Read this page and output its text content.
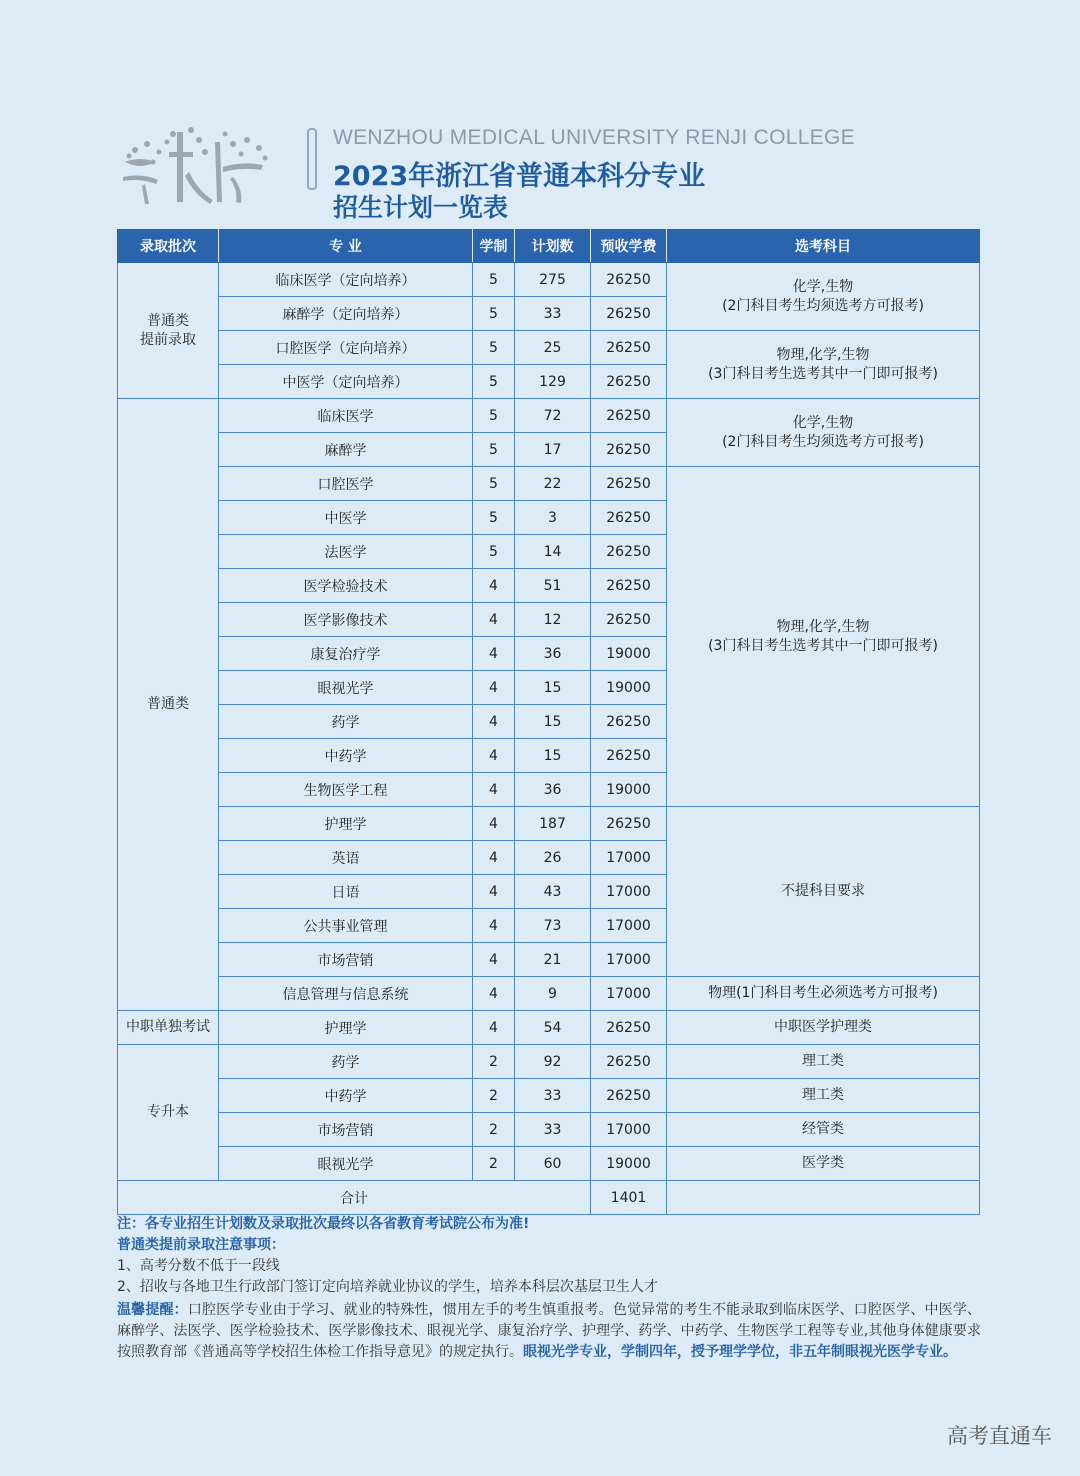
WENZHOU MEDICAL UNIVERSITY RENJI COLLEGE
2023年浙江省普通本科分专业
招生计划一览表
录取批次	专 业	学制	计划数	预收学费	选考科目	
普通类
提前录取	临床医学（定向培养）	5	275	26250	化学,生物
(2门科目考生均须选考方可报考)	
	麻醉学（定向培养）	5	33	26250		
	口腔医学（定向培养）	5	25	26250	物理,化学,生物
(3门科目考生选考其中一门即可报考)	
	中医学（定向培养）	5	129	26250		
普通类	临床医学	5	72	26250	化学,生物
(2门科目考生均须选考方可报考)	
	麻醉学	5	17	26250		
	口腔医学	5	22	26250	物理,化学,生物
(3门科目考生选考其中一门即可报考)	
	中医学	5	3	26250		
	法医学	5	14	26250		
	医学检验技术	4	51	26250		
	医学影像技术	4	12	26250		
	康复治疗学	4	36	19000		
	眼视光学	4	15	19000		
	药学	4	15	26250		
	中药学	4	15	26250		
	生物医学工程	4	36	19000		
	护理学	4	187	26250	不提科目要求	
	英语	4	26	17000		
	日语	4	43	17000		
	公共事业管理	4	73	17000		
	市场营销	4	21	17000		
	信息管理与信息系统	4	9	17000	物理(1门科目考生必须选考方可报考)	
中职单独考试	护理学	4	54	26250	中职医学护理类	
专升本	药学	2	92	26250	理工类	
	中药学	2	33	26250	理工类	
	市场营销	2	33	17000	经管类	
	眼视光学	2	60	19000	医学类	
合计				1401		

注：各专业招生计划数及录取批次最终以各省教育考试院公布为准!

普通类提前录取注意事项：

1、高考分数不低于一段线

2、招收与各地卫生行政部门签订定向培养就业协议的学生，培养本科层次基层卫生人才

温馨提醒：口腔医学专业由于学习、就业的特殊性，惯用左手的考生慎重报考。色觉异常的考生不能录取到临床医学、口腔医学、中医学、麻醉学、法医学、医学检验技术、医学影像技术、眼视光学、康复治疗学、护理学、药学、中药学、生物医学工程等专业,其他身体健康要求按照教育部《普通高等学校招生体检工作指导意见》的规定执行。眼视光学专业，学制四年，授予理学学位，非五年制眼视光医学专业。

高考直通车
